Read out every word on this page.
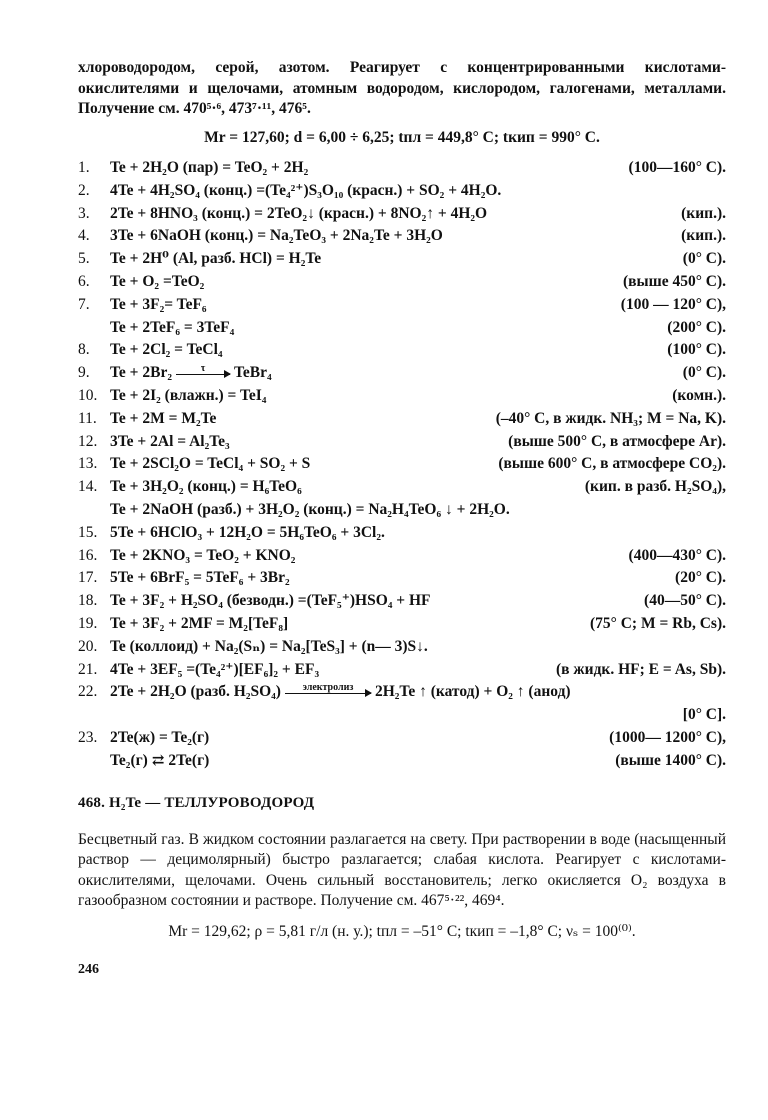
хлороводородом, серой, азотом. Реагирует с концентрированными кислотами-окислителями и щелочами, атомным водородом, кислородом, галогенами, металлами. Получение см. 470⁵·⁶, 473⁷·¹¹, 476⁵.
Mr = 127,60; d = 6,00 ÷ 6,25; tпл = 449,8° C; tкип = 990° C.
1.	Te + 2H₂O (пар) = TeO₂ + 2H₂	(100—160° C).
2.	4Te + 4H₂SO₄ (конц.) =(Te₄²⁺)S₃O₁₀ (красн.) + SO₂ + 4H₂O.
3.	2Te + 8HNO₃ (конц.) = 2TeO₂↓ (красн.) + 8NO₂↑ + 4H₂O	(кип.).
4.	3Te + 6NaOH (конц.) = Na₂TeO₃ + 2Na₂Te + 3H₂O	(кип.).
5.	Te + 2H⁰ (Al, разб. HCl) = H₂Te	(0° C).
6.	Te + O₂ =TeO₂	(выше 450° C).
7.	Te + 3F₂= TeF₆	(100 — 120° C),
Te + 2TeF₆ = 3TeF₄	(200° C).
8.	Te + 2Cl₂ = TeCl₄	(100° C).
9.	Te + 2Br₂	τ	TeBr₄	(0° C).
10. Te + 2I₂ (влажн.) = TeI₄	(комн.).
11. Te + 2M = M₂Te	(–40° C, в жидк. NH₃; M = Na, K).
12. 3Te + 2Al = Al₂Te₃	(выше 500° C, в атмосфере Ar).
13. Te + 2SCl₂O = TeCl₄ + SO₂ + S	(выше 600° C, в атмосфере CO₂).
14. Te + 3H₂O₂ (конц.) = H₆TeO₆	(кип. в разб. H₂SO₄),
Te + 2NaOH (разб.) + 3H₂O₂ (конц.) = Na₂H₄TeO₆ ↓ + 2H₂O.
15. 5Te + 6HClO₃ + 12H₂O = 5H₆TeO₆ + 3Cl₂.
16. Te + 2KNO₃ = TeO₂ + KNO₂	(400—430° C).
17. 5Te + 6BrF₅ = 5TeF₆ + 3Br₂	(20° C).
18. Te + 3F₂ + H₂SO₄ (безводн.) =(TeF₅⁺)HSO₄ + HF	(40—50° C).
19. Te + 3F₂ + 2MF = M₂[TeF₈]	(75° C; M = Rb, Cs).
20. Te (коллоид) + Na₂(Sₙ) = Na₂[TeS₃] + (n— 3)S↓.
21. 4Te + 3EF₅ =(Te₄²⁺)[EF₆]₂ + EF₃	(в жидк. HF; E = As, Sb).
22. 2Te + 2H₂O (разб. H₂SO₄)	электролиз	2H₂Te ↑ (катод) + O₂ ↑ (анод)
[0° C].
23. 2Te(ж) = Te₂(г)	(1000— 1200° C),
Te₂(г) ⇄ 2Te(г)	(выше 1400° C).
468. H₂Te — ТЕЛЛУРОВОДОРОД
Бесцветный газ. В жидком состоянии разлагается на свету. При растворении в воде (насыщенный раствор — децимолярный) быстро разлагается; слабая кислота. Реагирует с кислотами-окислителями, щелочами. Очень сильный восстановитель; легко окисляется O₂ воздуха в газообразном состоянии и растворе. Получение см. 467⁵·²², 469⁴.
Mr = 129,62; ρ = 5,81 г/л (н. у.); tпл = –51° C; tкип = –1,8° C; νₛ = 100⁽⁰⁾.
246
